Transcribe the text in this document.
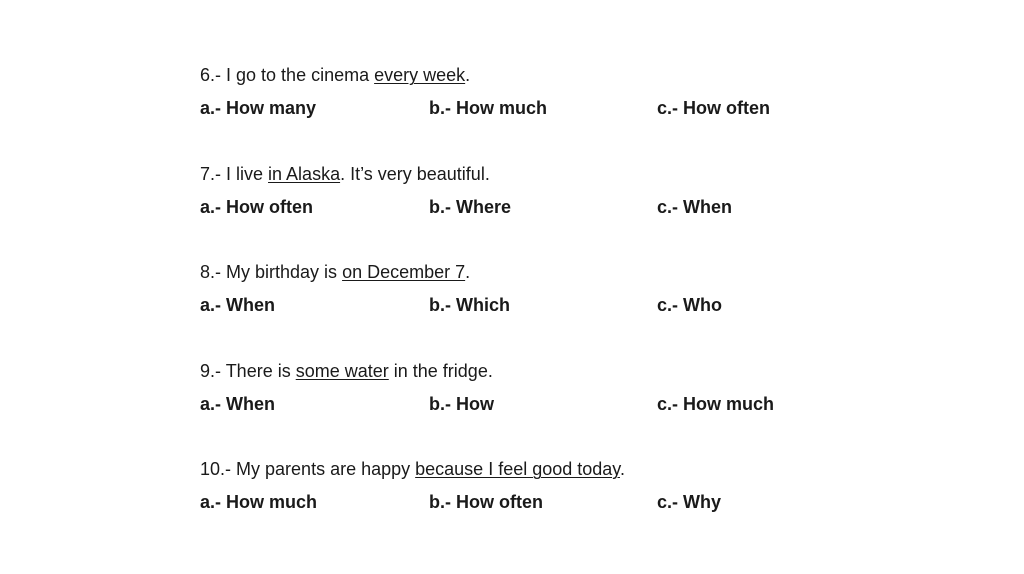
6.- I go to the cinema every week.
a.- How many	b.- How much	c.- How often
7.- I live in Alaska. It’s very beautiful.
a.- How often	b.- Where	c.- When
8.- My birthday is on December 7.
a.- When	b.- Which	c.- Who
9.- There is some water in the fridge.
a.- When	b.- How	c.- How much
10.- My parents are happy because I feel good today.
a.- How much	b.- How often	c.- Why
